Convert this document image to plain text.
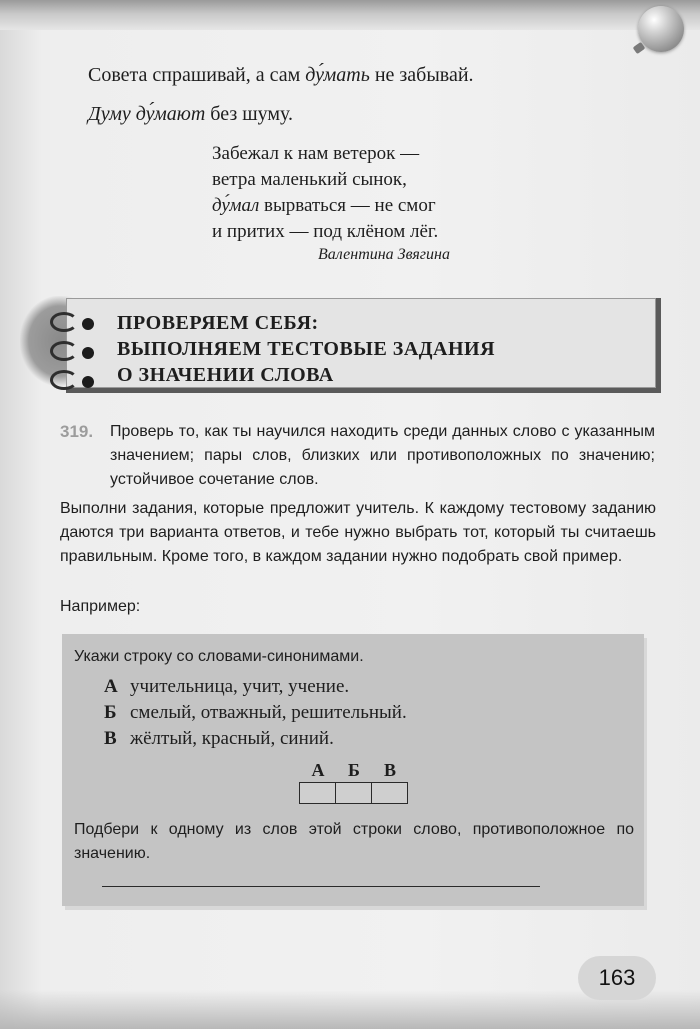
Совета спрашивай, а сам ду́мать не забывай.
Думу ду́мают без шуму.
Забежал к нам ветерок —
ветра маленький сынок,
ду́мал вырваться — не смог
и притих — под клёном лёг.
Валентина Звягина
ПРОВЕРЯЕМ СЕБЯ:
ВЫПОЛНЯЕМ ТЕСТОВЫЕ ЗАДАНИЯ
О ЗНАЧЕНИИ СЛОВА
319. Проверь то, как ты научился находить среди данных слово с указанным значением; пары слов, близких или противоположных по значению; устойчивое сочетание слов.
Выполни задания, которые предложит учитель. К каждому тестовому заданию даются три варианта ответов, и тебе нужно выбрать тот, который ты считаешь правильным. Кроме того, в каждом задании нужно подобрать свой пример.
Например:
Укажи строку со словами-синонимами.
А учительница, учит, учение.
Б смелый, отважный, решительный.
В жёлтый, красный, синий.
А Б В
Подбери к одному из слов этой строки слово, противоположное по значению.
163
